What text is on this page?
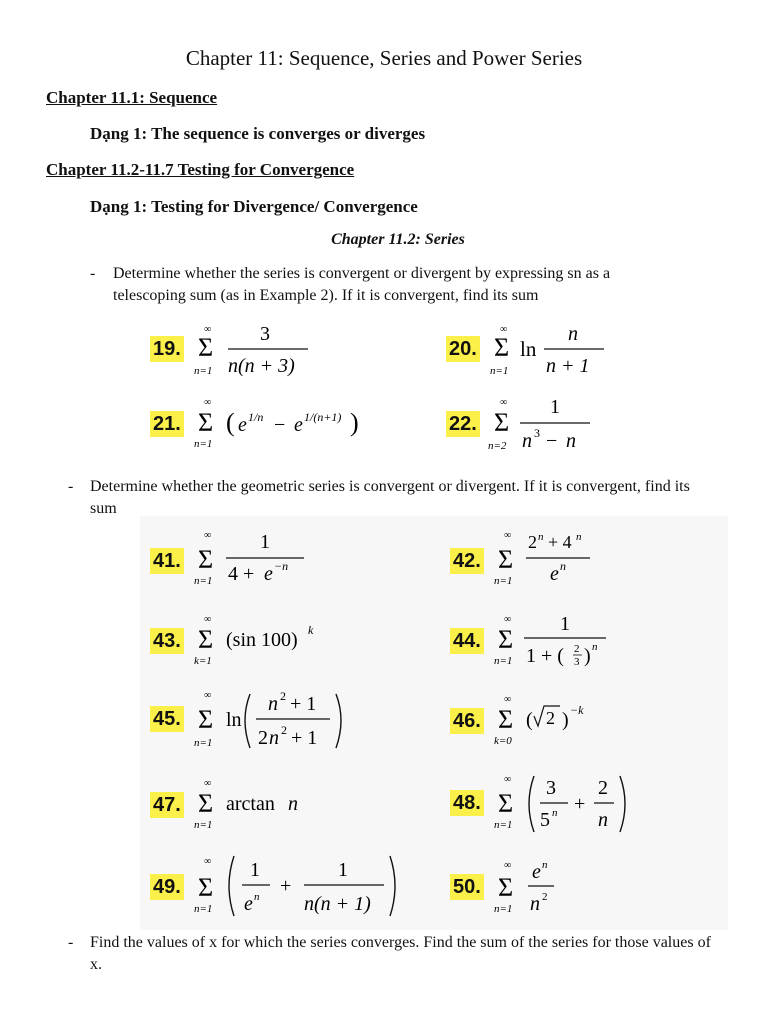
Chapter 11: Sequence, Series and Power Series
Chapter 11.1: Sequence
Dạng 1: The sequence is converges or diverges
Chapter 11.2-11.7 Testing for Convergence
Dạng 1: Testing for Divergence/ Convergence
Chapter 11.2: Series
- Determine whether the series is convergent or divergent by expressing sn as a telescoping sum (as in Example 2). If it is convergent, find its sum
19.
∞
Σ
n=1
3
n(n + 3)
20.
∞
Σ
n=1
ln
n
n + 1
21.
∞
Σ
n=1
( e 1/n − e 1/(n+1) )	22.
∞
Σ
n=2
1
n 3 − n
- Determine whether the geometric series is convergent or divergent. If it is convergent, find its sum
41.
∞
Σ
n=1
1
4 + e −n	42.
∞
Σ
n=1
2 n + 4 n
e n
43.
∞
Σ
k=1
(sin 100) k	44.
∞
Σ
n=1
1
1 + ( 2
3 ) n
45.
∞
Σ
n=1
ln
n 2 + 1
2 n 2 + 1
46.
∞
Σ
k=0
( 2 ) −k
47.
∞
Σ
n=1
arctan n	48.
∞
Σ
n=1
3
5 n +
2
n
49.
∞
Σ
n=1
1
e n +
1
n(n + 1)
50.
∞
Σ
n=1
e n
n 2
- Find the values of x for which the series converges. Find the sum of the series for those values of x.
